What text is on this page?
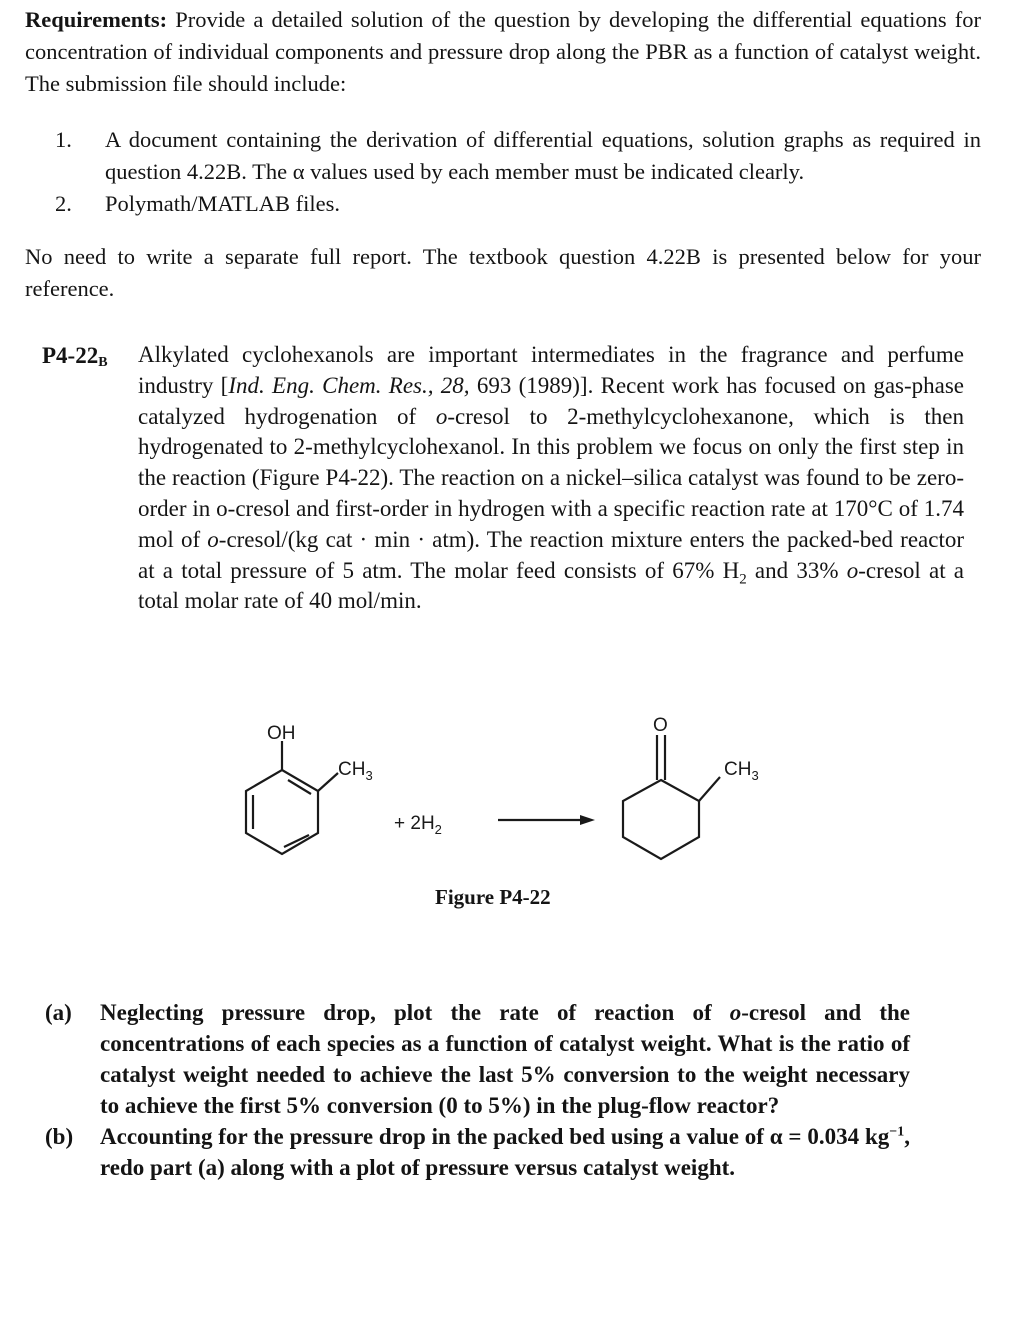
Requirements: Provide a detailed solution of the question by developing the differential equations for concentration of individual components and pressure drop along the PBR as a function of catalyst weight. The submission file should include:
1. A document containing the derivation of differential equations, solution graphs as required in question 4.22B. The α values used by each member must be indicated clearly.
2. Polymath/MATLAB files.
No need to write a separate full report. The textbook question 4.22B is presented below for your reference.
$P4-22_B$ Alkylated cyclohexanols are important intermediates in the fragrance and perfume industry [Ind. Eng. Chem. Res., 28, 693 (1989)]. Recent work has focused on gas-phase catalyzed hydrogenation of o-cresol to 2-methylcyclohexanone, which is then hydrogenated to 2-methylcyclohexanol. In this problem we focus on only the first step in the reaction (Figure P4-22). The reaction on a nickel–silica catalyst was found to be zero-order in o-cresol and first-order in hydrogen with a specific reaction rate at 170°C of 1.74 mol of o-cresol/(kg cat · min · atm). The reaction mixture enters the packed-bed reactor at a total pressure of 5 atm. The molar feed consists of 67% $H_2$ and 33% o-cresol at a total molar rate of 40 mol/min.
OH
$CH_3$
+ $2H_2$
O
$CH_3$
Figure P4-22
(a) Neglecting pressure drop, plot the rate of reaction of o-cresol and the concentrations of each species as a function of catalyst weight. What is the ratio of catalyst weight needed to achieve the last 5% conversion to the weight necessary to achieve the first 5% conversion (0 to 5%) in the plug-flow reactor?
(b) Accounting for the pressure drop in the packed bed using a value of α = 0.034 $kg^{-1}$, redo part (a) along with a plot of pressure versus catalyst weight.
